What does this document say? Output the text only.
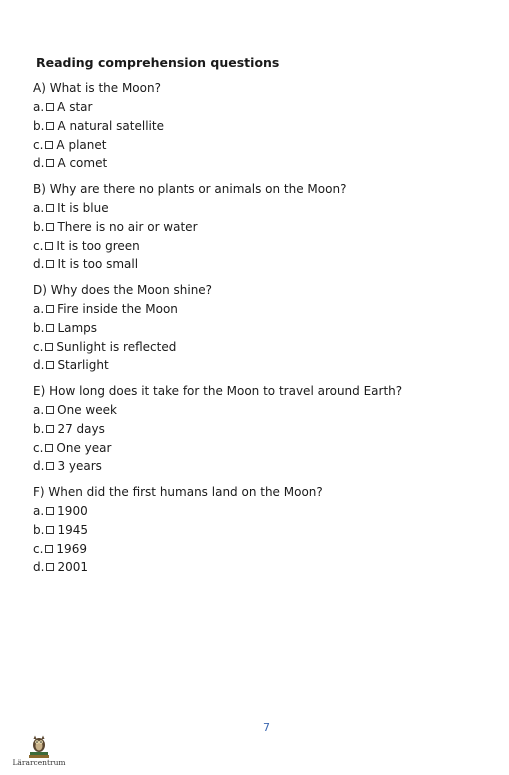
Reading comprehension questions
A) What is the Moon?
a. A star
b. A natural satellite
c. A planet
d. A comet
B) Why are there no plants or animals on the Moon?
a. It is blue
b. There is no air or water
c. It is too green
d. It is too small
D) Why does the Moon shine?
a. Fire inside the Moon
b. Lamps
c. Sunlight is reflected
d. Starlight
E) How long does it take for the Moon to travel around Earth?
a. One week
b. 27 days
c. One year
d. 3 years
F) When did the first humans land on the Moon?
a. 1900
b. 1945
c. 1969
d. 2001
7
Lärarcentrum
